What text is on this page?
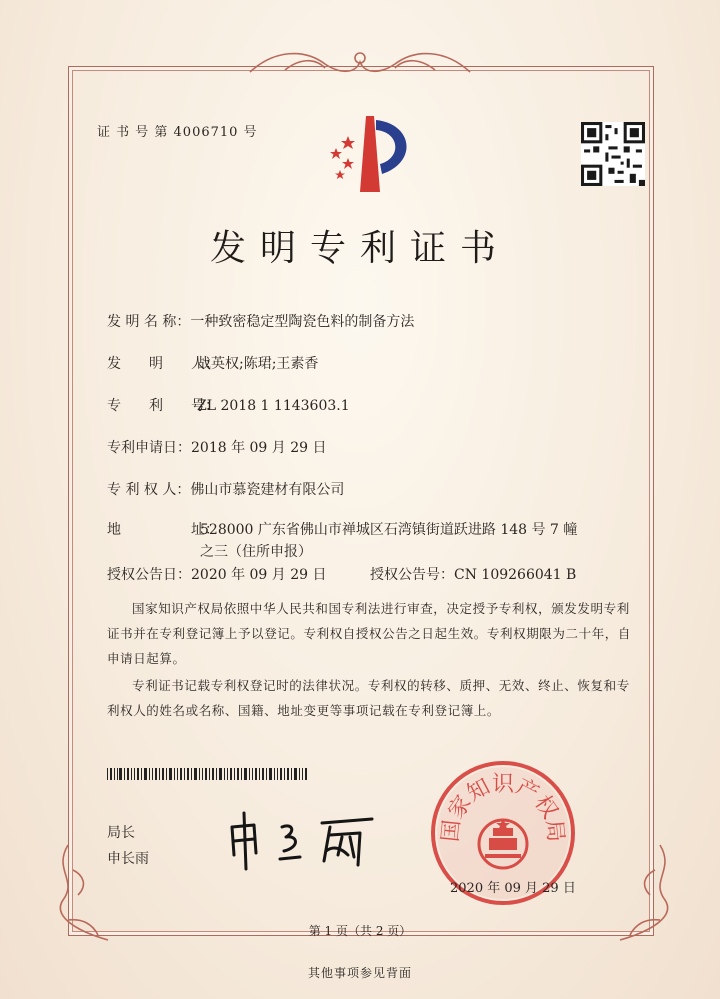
证 书 号 第 4006710 号
发明专利证书
发 明 名 称：一种致密稳定型陶瓷色料的制备方法
发　　明　　人：战英权;陈珺;王素香
专　　利　　号：ZL 2018 1 1143603.1
专利申请日：2018 年 09 月 29 日
专 利 权 人：佛山市慕瓷建材有限公司
地　　　　　址：528000 广东省佛山市禅城区石湾镇街道跃进路 148 号 7 幢
之三（住所申报）
授权公告日：2020 年 09 月 29 日	授权公告号：CN 109266041 B
国家知识产权局依照中华人民共和国专利法进行审查，决定授予专利权，颁发发明专利证书并在专利登记簿上予以登记。专利权自授权公告之日起生效。专利权期限为二十年，自申请日起算。
专利证书记载专利权登记时的法律状况。专利权的转移、质押、无效、终止、恢复和专利权人的姓名或名称、国籍、地址变更等事项记载在专利登记簿上。
局长
申长雨
国家知识产权局
2020 年 09 月 29 日
第 1 页（共 2 页）
其他事项参见背面
